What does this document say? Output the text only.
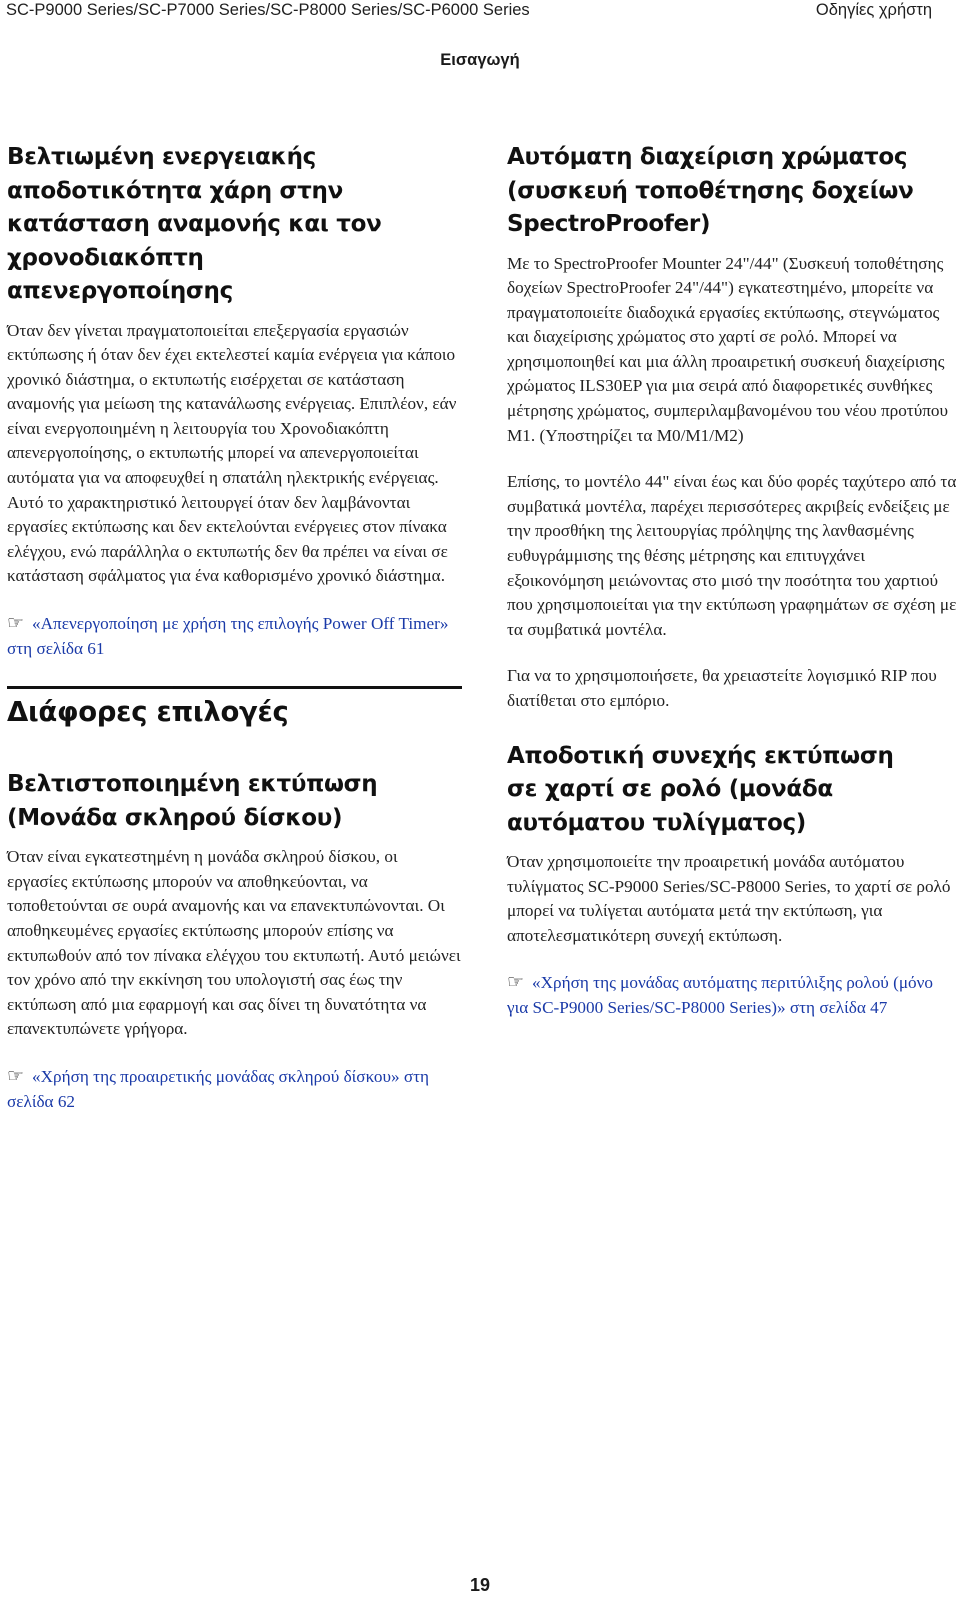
SC-P9000 Series/SC-P7000 Series/SC-P8000 Series/SC-P6000 Series	Οδηγίες χρήστη
Εισαγωγή
Βελτιωμένη ενεργειακής αποδοτικότητα χάρη στην κατάσταση αναμονής και τον χρονοδιακόπτη απενεργοποίησης

Όταν δεν γίνεται πραγματοποιείται επεξεργασία εργασιών εκτύπωσης ή όταν δεν έχει εκτελεστεί καμία ενέργεια για κάποιο χρονικό διάστημα, ο εκτυπωτής εισέρχεται σε κατάσταση αναμονής για μείωση της κατανάλωσης ενέργειας. Επιπλέον, εάν είναι ενεργοποιημένη η λειτουργία του Χρονοδιακόπτη απενεργοποίησης, ο εκτυπωτής μπορεί να απενεργοποιείται αυτόματα για να αποφευχθεί η σπατάλη ηλεκτρικής ενέργειας. Αυτό το χαρακτηριστικό λειτουργεί όταν δεν λαμβάνονται εργασίες εκτύπωσης και δεν εκτελούνται ενέργειες στον πίνακα ελέγχου, ενώ παράλληλα ο εκτυπωτής δεν θα πρέπει να είναι σε κατάσταση σφάλματος για ένα καθορισμένο χρονικό διάστημα.

☞ «Απενεργοποίηση με χρήση της επιλογής Power Off Timer» στη σελίδα 61

Διάφορες επιλογές
Βελτιστοποιημένη εκτύπωση (Μονάδα σκληρού δίσκου)

Όταν είναι εγκατεστημένη η μονάδα σκληρού δίσκου, οι εργασίες εκτύπωσης μπορούν να αποθηκεύονται, να τοποθετούνται σε ουρά αναμονής και να επανεκτυπώνονται. Οι αποθηκευμένες εργασίες εκτύπωσης μπορούν επίσης να εκτυπωθούν από τον πίνακα ελέγχου του εκτυπωτή. Αυτό μειώνει τον χρόνο από την εκκίνηση του υπολογιστή σας έως την εκτύπωση από μια εφαρμογή και σας δίνει τη δυνατότητα να επανεκτυπώνετε γρήγορα.

☞ «Χρήση της προαιρετικής μονάδας σκληρού δίσκου» στη σελίδα 62

Αυτόματη διαχείριση χρώματος (συσκευή τοποθέτησης δοχείων SpectroProofer)

Με το SpectroProofer Mounter 24"/44" (Συσκευή τοποθέτησης δοχείων SpectroProofer 24"/44") εγκατεστημένο, μπορείτε να πραγματοποιείτε διαδοχικά εργασίες εκτύπωσης, στεγνώματος και διαχείρισης χρώματος στο χαρτί σε ρολό. Μπορεί να χρησιμοποιηθεί και μια άλλη προαιρετική συσκευή διαχείρισης χρώματος ILS30EP για μια σειρά από διαφορετικές συνθήκες μέτρησης χρώματος, συμπεριλαμβανομένου του νέου προτύπου M1. (Υποστηρίζει τα M0/M1/M2)

Επίσης, το μοντέλο 44" είναι έως και δύο φορές ταχύτερο από τα συμβατικά μοντέλα, παρέχει περισσότερες ακριβείς ενδείξεις με την προσθήκη της λειτουργίας πρόληψης της λανθασμένης ευθυγράμμισης της θέσης μέτρησης και επιτυγχάνει εξοικονόμηση μειώνοντας στο μισό την ποσότητα του χαρτιού που χρησιμοποιείται για την εκτύπωση γραφημάτων σε σχέση με τα συμβατικά μοντέλα.

Για να το χρησιμοποιήσετε, θα χρειαστείτε λογισμικό RIP που διατίθεται στο εμπόριο.

Αποδοτική συνεχής εκτύπωση σε χαρτί σε ρολό (μονάδα αυτόματου τυλίγματος)

Όταν χρησιμοποιείτε την προαιρετική μονάδα αυτόματου τυλίγματος SC-P9000 Series/SC-P8000 Series, το χαρτί σε ρολό μπορεί να τυλίγεται αυτόματα μετά την εκτύπωση, για αποτελεσματικότερη συνεχή εκτύπωση.

☞ «Χρήση της μονάδας αυτόματης περιτύλιξης ρολού (μόνο για SC-P9000 Series/SC-P8000 Series)» στη σελίδα 47

19
